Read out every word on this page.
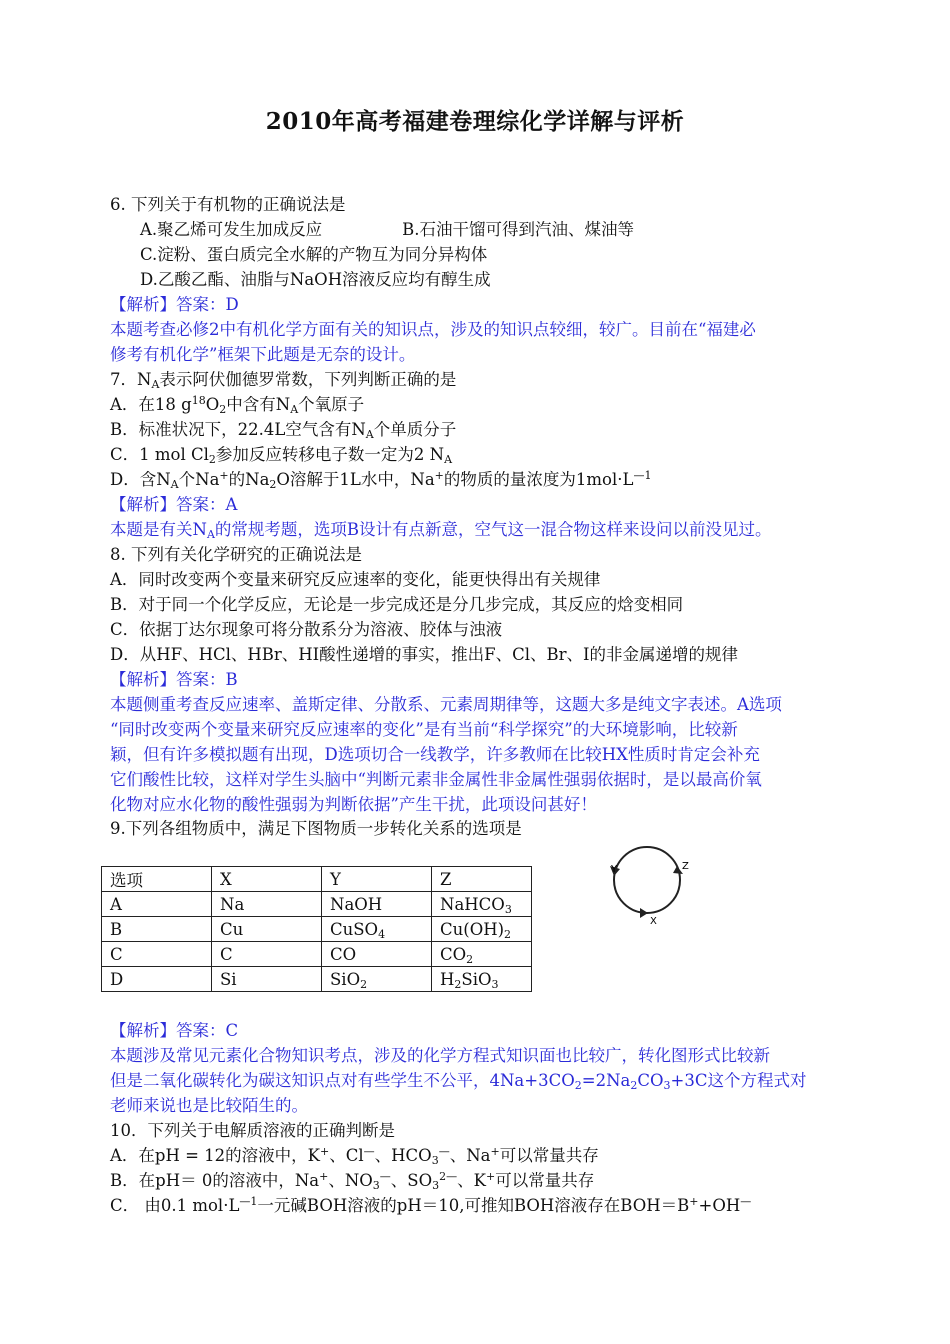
2010年高考福建卷理综化学详解与评析
6. 下列关于有机物的正确说法是
A.聚乙烯可发生加成反应	B.石油干馏可得到汽油、煤油等
C.淀粉、蛋白质完全水解的产物互为同分异构体
D.乙酸乙酯、油脂与NaOH溶液反应均有醇生成
【解析】答案：D
本题考查必修2中有机化学方面有关的知识点，涉及的知识点较细，较广。目前在“福建必
修考有机化学”框架下此题是无奈的设计。
7．$N_A$表示阿伏伽德罗常数，下列判断正确的是
A．在18 $g^{18}O_2$中含有$N_A$个氧原子
B．标准状况下，22.4L空气含有$N_A$个单质分子
C．1 mol $Cl_2$参加反应转移电子数一定为2 $N_A$
D．含$N_A$个Na+的$Na_2O$溶解于1L水中，Na+的物质的量浓度为$1mol\cdot L^{—1}$
【解析】答案：A
本题是有关$N_A$的常规考题，选项B设计有点新意，空气这一混合物这样来设问以前没见过。
8. 下列有关化学研究的正确说法是
A．同时改变两个变量来研究反应速率的变化，能更快得出有关规律
B．对于同一个化学反应，无论是一步完成还是分几步完成，其反应的焓变相同
C．依据丁达尔现象可将分散系分为溶液、胶体与浊液
D．从HF、HCl、HBr、HI酸性递增的事实，推出F、Cl、Br、I的非金属递增的规律
【解析】答案：B
本题侧重考查反应速率、盖斯定律、分散系、元素周期律等，这题大多是纯文字表述。A选项
“同时改变两个变量来研究反应速率的变化”是有当前“科学探究”的大环境影响，比较新
颖，但有许多模拟题有出现，D选项切合一线教学，许多教师在比较HX性质时肯定会补充
它们酸性比较，这样对学生头脑中“判断元素非金属性非金属性强弱依据时，是以最高价氧
化物对应水化物的酸性强弱为判断依据”产生干扰，此项设问甚好！
9.下列各组物质中，满足下图物质一步转化关系的选项是
选项	X	Y	Z
A	Na	NaOH	NaHCO$_3$
B	Cu	CuSO$_4$	$Cu(OH)_2$
C	C	CO	$CO_2$
D	Si	SiO$_2$	$H_2SiO_3$
Y	Z
X
【解析】答案：C
本题涉及常见元素化合物知识考点，涉及的化学方程式知识面也比较广，转化图形式比较新
但是二氧化碳转化为碳这知识点对有些学生不公平，$4Na+3CO_2=2Na_2CO_3+3C$这个方程式对
老师来说也是比较陌生的。
10．下列关于电解质溶液的正确判断是
A．在pH = 12的溶液中，K+、Cl—、$HCO_3^—$、Na+可以常量共存
B．在pH＝ 0的溶液中，Na+、$NO_3^—$、$SO_3^{2—}$、K+可以常量共存
C． 由0.1 $mol\cdot L^{—1}$一元碱BOH溶液的pH＝10,可推知BOH溶液存在BOH＝B++OH—
